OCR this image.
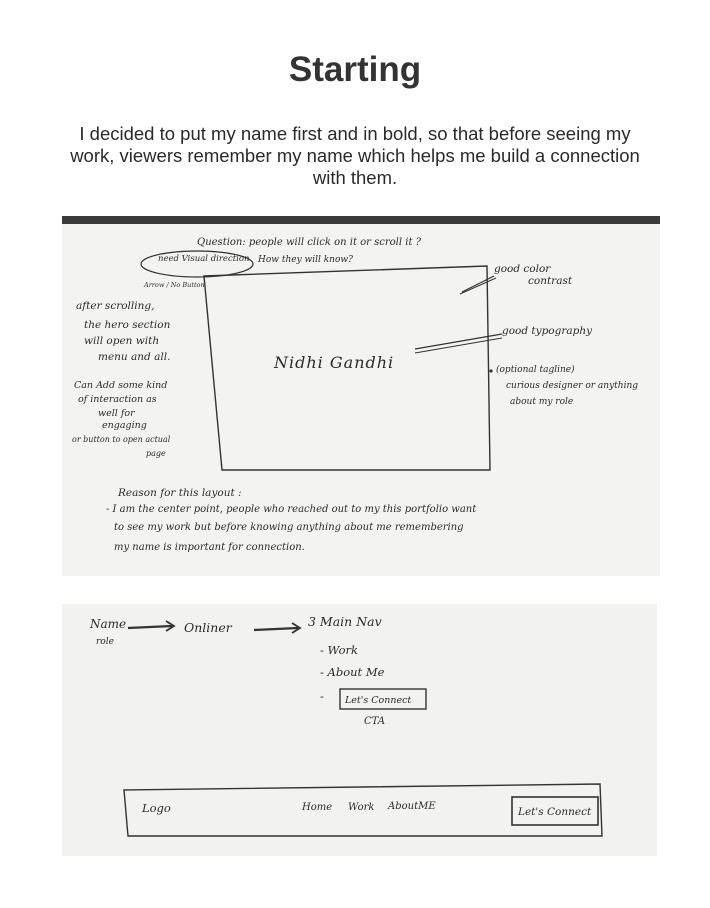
Starting

I decided to put my name first and in bold, so that before seeing my work, viewers remember my name which helps me build a connection with them.

Question: people will click on it or scroll it ?
need Visual direction How they will know?
Arrow / No Button
after scrolling, the hero section will open with menu and all.
Can Add some kind of interaction as well for engaging
or button to open actual page
Nidhi Gandhi
good color contrast
good typography
(optional tagline) curious designer or anything about my role
Reason for this layout :
- I am the center point, people who reached out to my this portfolio want to see my work but before knowing anything about me remembering my name is important for connection.
Name
role
Onliner	3 Main Nav
- Work - About Me -	Let's Connect
CTA
Logo	Home Work AboutME	Let's Connect
